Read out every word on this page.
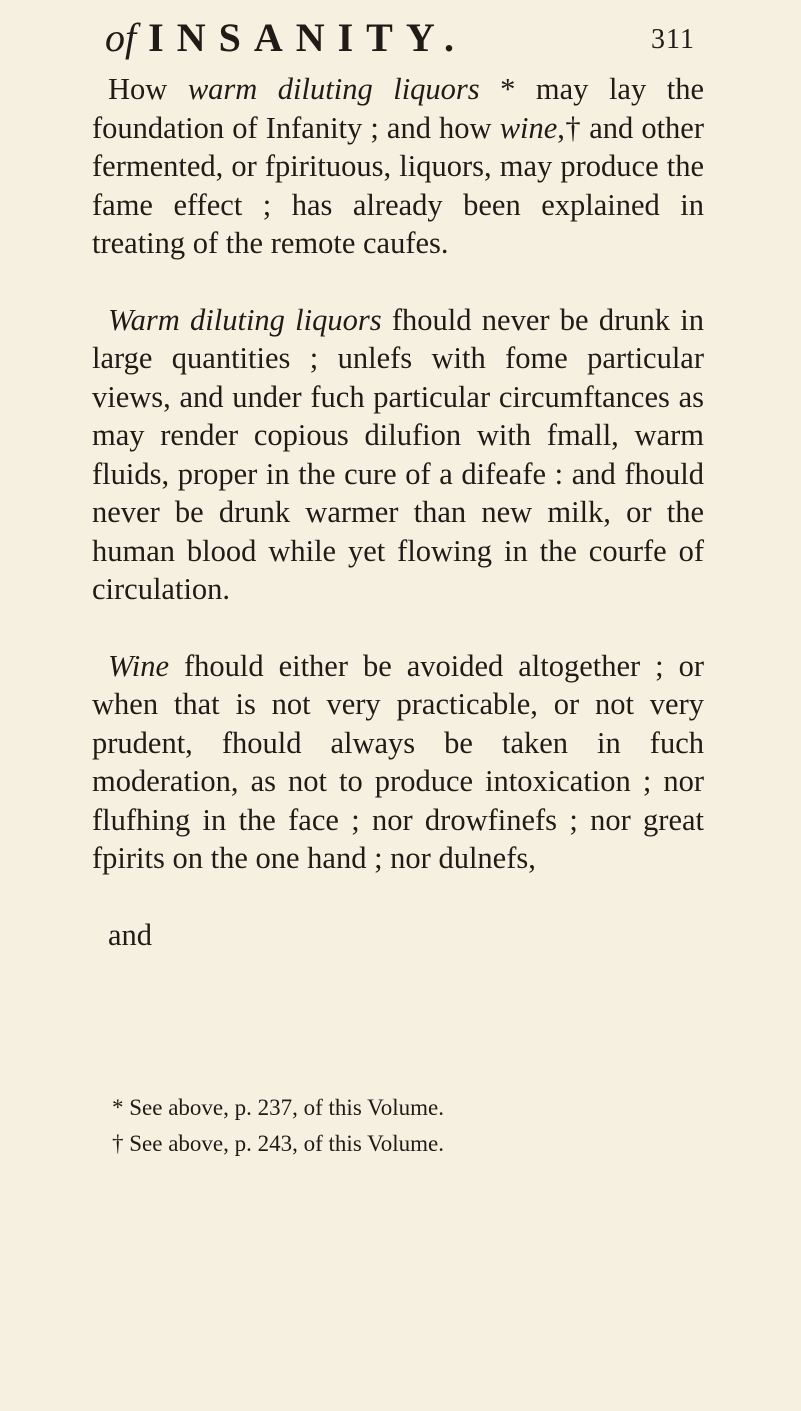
of INSANITY.	311

How warm diluting liquors * may lay the foundation of Infanity ; and how wine,† and other fermented, or fpirituous, liquors, may produce the fame effect ; has already been explained in treating of the remote caufes.

Warm diluting liquors fhould never be drunk in large quantities ; unlefs with fome particular views, and under fuch particular circumftances as may render copious dilufion with fmall, warm fluids, proper in the cure of a difeafe : and fhould never be drunk warmer than new milk, or the human blood while yet flowing in the courfe of circulation.

Wine fhould either be avoided altogether ; or when that is not very practicable, or not very prudent, fhould always be taken in fuch moderation, as not to produce intoxication ; nor flufhing in the face ; nor drowfinefs ; nor great fpirits on the one hand ; nor dulnefs,

and

* See above, p. 237, of this Volume.
† See above, p. 243, of this Volume.
